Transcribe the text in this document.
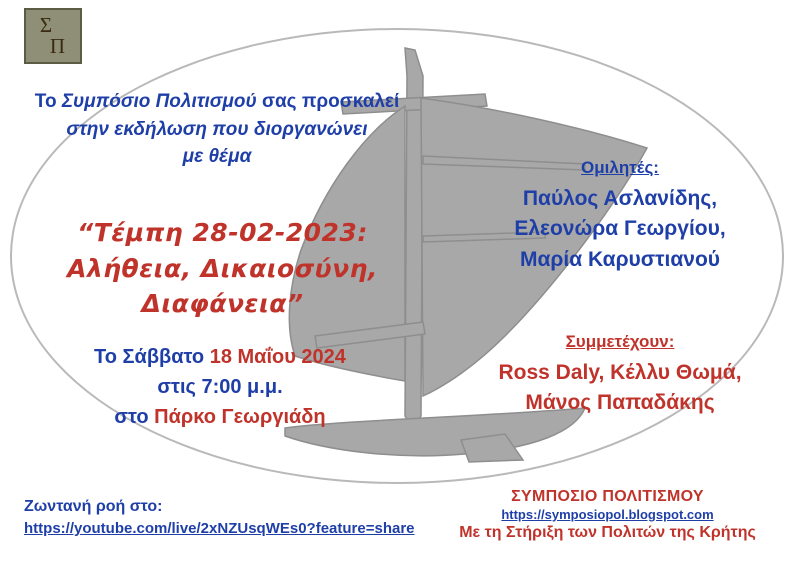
Σ
Π
Το Συμπόσιο Πολιτισμού σας προσκαλεί
στην εκδήλωση που διοργανώνει
με θέμα
“Τέμπη 28-02-2023:
Αλήθεια, Δικαιοσύνη,
Διαφάνεια”
Το Σάββατο 18 Μαΐου 2024
στις 7:00 μ.μ.
στο Πάρκο Γεωργιάδη
Ομιλητές:
Παύλος Ασλανίδης,
Ελεονώρα Γεωργίου,
Μαρία Καρυστιανού
Συμμετέχουν:
Ross Daly, Κέλλυ Θωμά,
Μάνος Παπαδάκης
Ζωντανή ροή στο:
https://youtube.com/live/2xNZUsqWEs0?feature=share
ΣΥΜΠΟΣΙΟ ΠΟΛΙΤΙΣΜΟΥ
https://symposiopol.blogspot.com
Με τη Στήριξη των Πολιτών της Κρήτης
